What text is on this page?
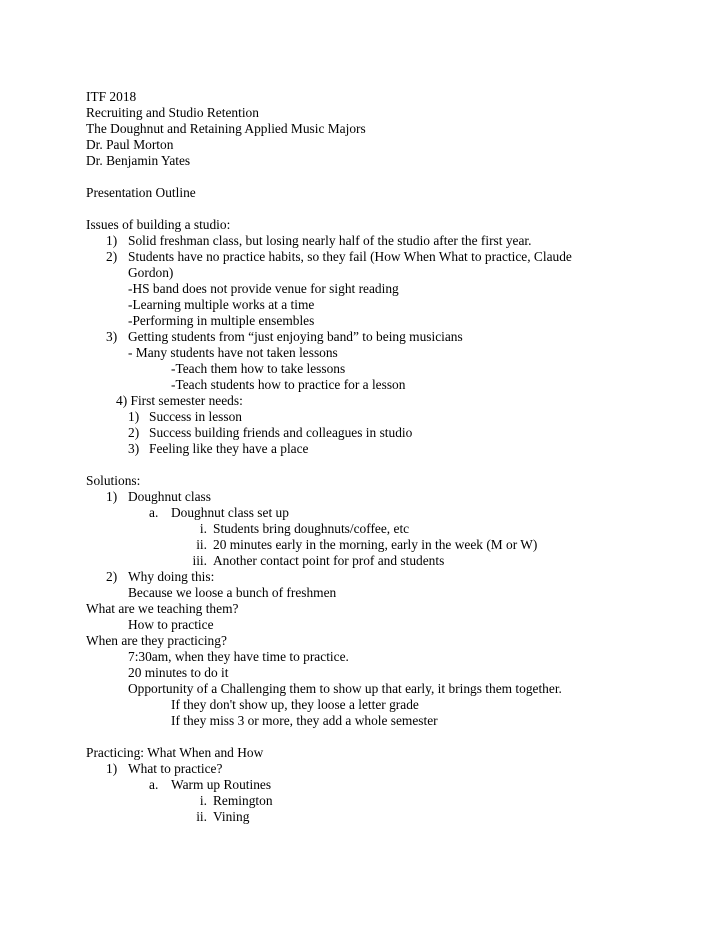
ITF 2018
Recruiting and Studio Retention
The Doughnut and Retaining Applied Music Majors
Dr. Paul Morton
Dr. Benjamin Yates
Presentation Outline
Issues of building a studio:
1) Solid freshman class, but losing nearly half of the studio after the first year.
2) Students have no practice habits, so they fail (How When What to practice, Claude
Gordon)
-HS band does not provide venue for sight reading
-Learning multiple works at a time
-Performing in multiple ensembles
3) Getting students from “just enjoying band” to being musicians
- Many students have not taken lessons
-Teach them how to take lessons
-Teach students how to practice for a lesson
4) First semester needs:
1) Success in lesson
2) Success building friends and colleagues in studio
3) Feeling like they have a place
Solutions:
1) Doughnut class
a. Doughnut class set up
i. Students bring doughnuts/coffee, etc
ii. 20 minutes early in the morning, early in the week (M or W)
iii. Another contact point for prof and students
2) Why doing this:
Because we loose a bunch of freshmen
What are we teaching them?
How to practice
When are they practicing?
7:30am, when they have time to practice.
20 minutes to do it
Opportunity of a Challenging them to show up that early, it brings them together.
If they don't show up, they loose a letter grade
If they miss 3 or more, they add a whole semester
Practicing: What When and How
1) What to practice?
a. Warm up Routines
i. Remington
ii. Vining
